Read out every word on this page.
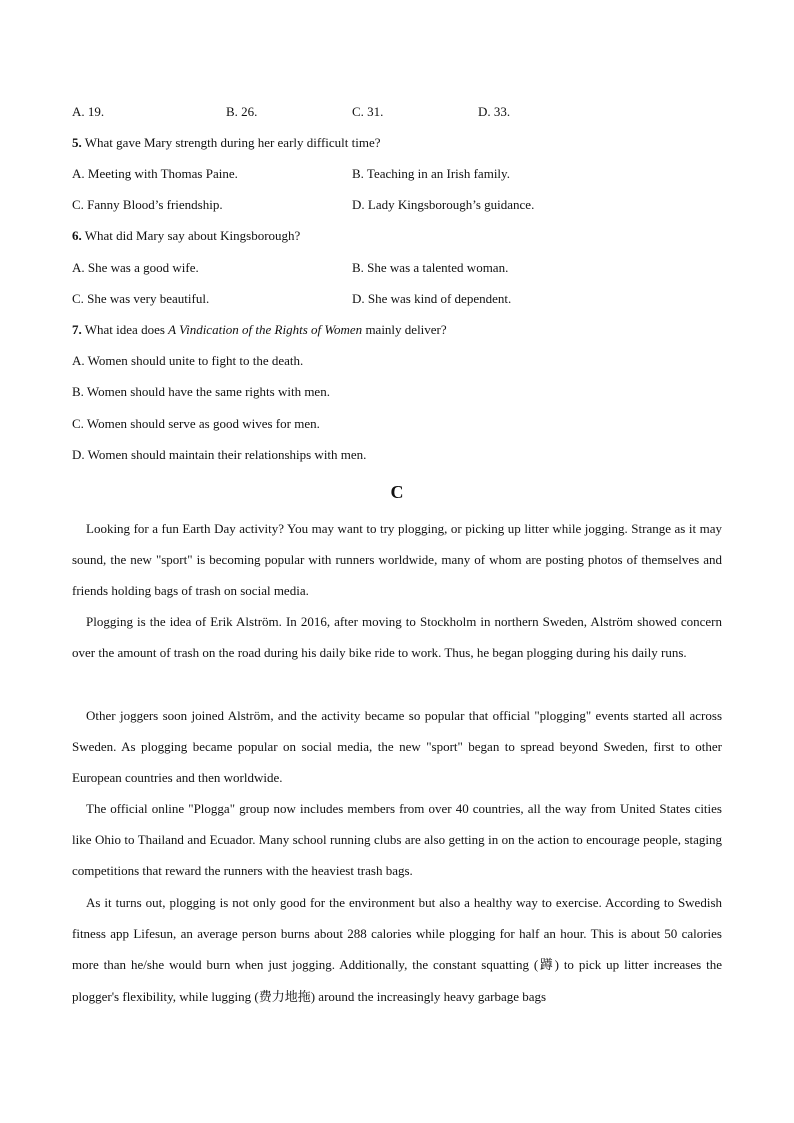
A. 19.	B. 26.	C. 31.	D. 33.
5. What gave Mary strength during her early difficult time?
A. Meeting with Thomas Paine.	B. Teaching in an Irish family.
C. Fanny Blood’s friendship.	D. Lady Kingsborough’s guidance.
6. What did Mary say about Kingsborough?
A. She was a good wife.	B. She was a talented woman.
C. She was very beautiful.	D. She was kind of dependent.
7. What idea does A Vindication of the Rights of Women mainly deliver?
A. Women should unite to fight to the death.
B. Women should have the same rights with men.
C. Women should serve as good wives for men.
D. Women should maintain their relationships with men.
C

Looking for a fun Earth Day activity? You may want to try plogging, or picking up litter while jogging. Strange as it may sound, the new "sport" is becoming popular with runners worldwide, many of whom are posting photos of themselves and friends holding bags of trash on social media.

Plogging is the idea of Erik Alström. In 2016, after moving to Stockholm in northern Sweden, Alström showed concern over the amount of trash on the road during his daily bike ride to work. Thus, he began plogging during his daily runs.

Other joggers soon joined Alström, and the activity became so popular that official "plogging" events started all across Sweden. As plogging became popular on social media, the new "sport" began to spread beyond Sweden, first to other European countries and then worldwide.

The official online "Plogga" group now includes members from over 40 countries, all the way from United States cities like Ohio to Thailand and Ecuador. Many school running clubs are also getting in on the action to encourage people, staging competitions that reward the runners with the heaviest trash bags.

As it turns out, plogging is not only good for the environment but also a healthy way to exercise. According to Swedish fitness app Lifesun, an average person burns about 288 calories while plogging for half an hour. This is about 50 calories more than he/she would burn when just jogging. Additionally, the constant squatting (蹲) to pick up litter increases the plogger's flexibility, while lugging (费力地拖) around the increasingly heavy garbage bags
